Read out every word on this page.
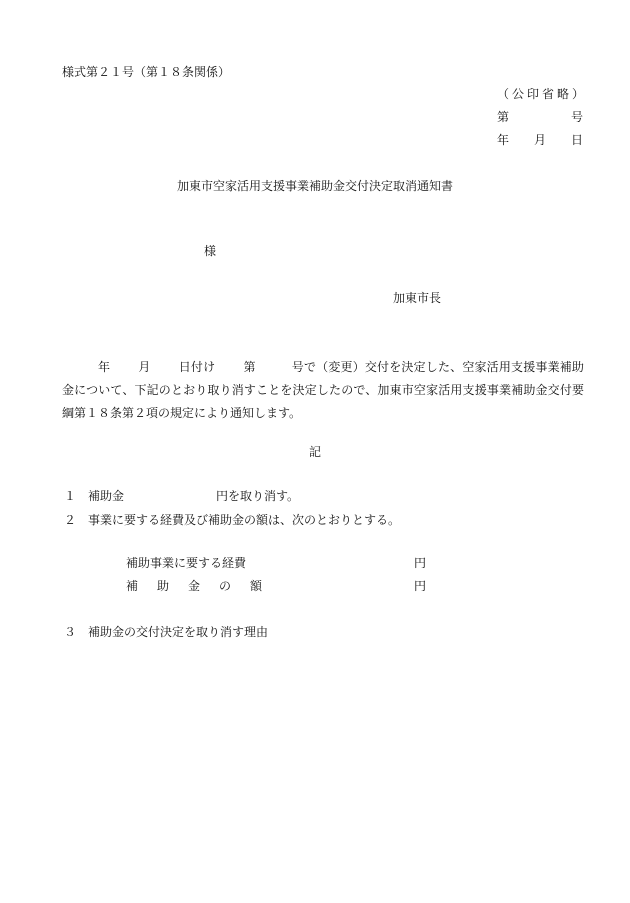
様式第２１号（第１８条関係）
（公印省略）
第	号
年 月 日
加東市空家活用支援事業補助金交付決定取消通知書
様
加東市長
年 月 日付け 第	号で（変更）交付を決定した、空家活用支援事業補助金について、下記のとおり取り消すことを決定したので、加東市空家活用支援事業補助金交付要綱第１８条第２項の規定により通知します。
記
１ 補助金	円を取り消す。
２ 事業に要する経費及び補助金の額は、次のとおりとする。
補助事業に要する経費	円
補助金の額	円
３ 補助金の交付決定を取り消す理由
